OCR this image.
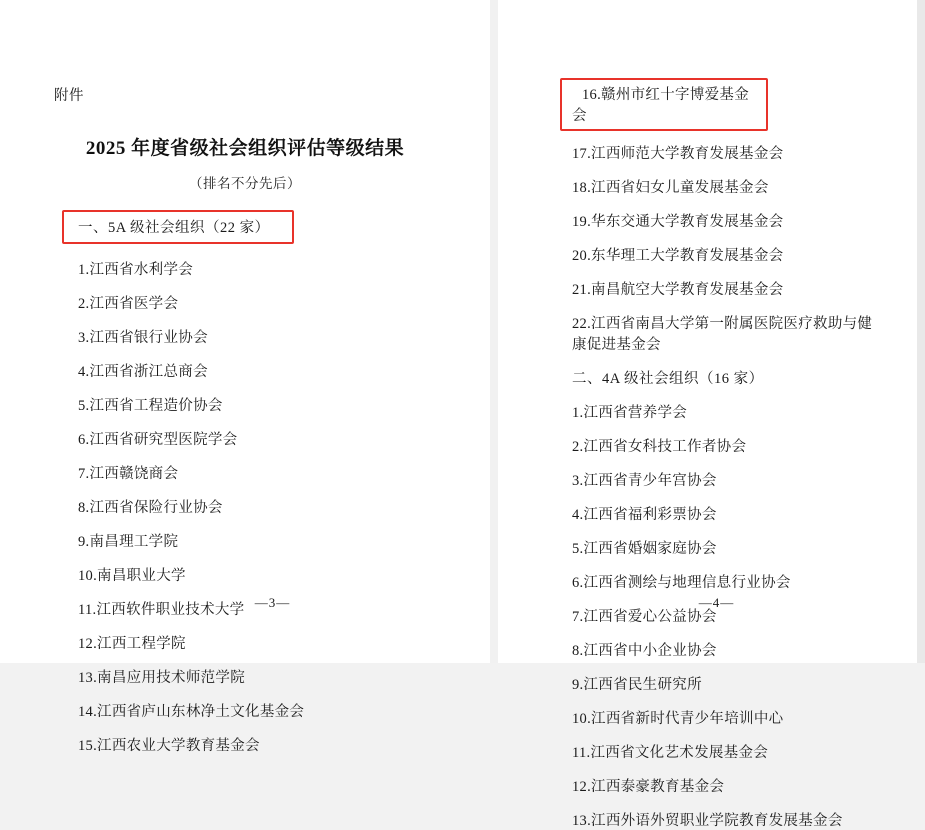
附件
2025 年度省级社会组织评估等级结果
（排名不分先后）
一、5A 级社会组织（22 家）
1.江西省水利学会
2.江西省医学会
3.江西省银行业协会
4.江西省浙江总商会
5.江西省工程造价协会
6.江西省研究型医院学会
7.江西赣饶商会
8.江西省保险行业协会
9.南昌理工学院
10.南昌职业大学
11.江西软件职业技术大学
12.江西工程学院
13.南昌应用技术师范学院
14.江西省庐山东林净土文化基金会
15.江西农业大学教育基金会
—3—
16.赣州市红十字博爱基金会
17.江西师范大学教育发展基金会
18.江西省妇女儿童发展基金会
19.华东交通大学教育发展基金会
20.东华理工大学教育发展基金会
21.南昌航空大学教育发展基金会
22.江西省南昌大学第一附属医院医疗救助与健康促进基金会
二、4A 级社会组织（16 家）
1.江西省营养学会
2.江西省女科技工作者协会
3.江西省青少年宫协会
4.江西省福利彩票协会
5.江西省婚姻家庭协会
6.江西省测绘与地理信息行业协会
7.江西省爱心公益协会
8.江西省中小企业协会
9.江西省民生研究所
10.江西省新时代青少年培训中心
11.江西省文化艺术发展基金会
12.江西泰豪教育基金会
13.江西外语外贸职业学院教育发展基金会
—4—
